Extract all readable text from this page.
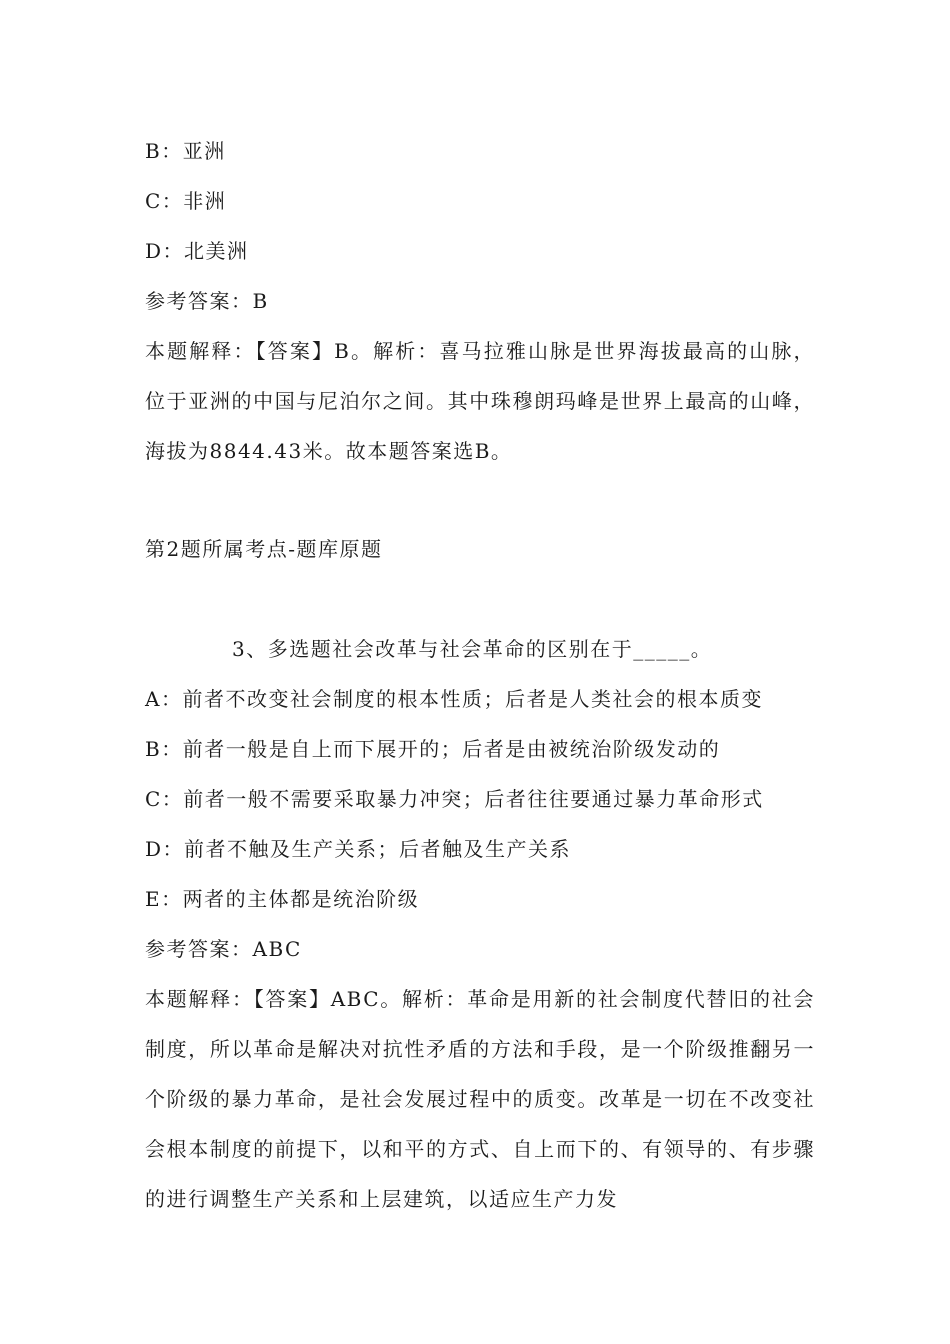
B：亚洲
C：非洲
D：北美洲
参考答案：B
本题解释：【答案】B。解析：喜马拉雅山脉是世界海拔最高的山脉，位于亚洲的中国与尼泊尔之间。其中珠穆朗玛峰是世界上最高的山峰，海拔为8844.43米。故本题答案选B。
第2题所属考点-题库原题
3、多选题社会改革与社会革命的区别在于_____。
A：前者不改变社会制度的根本性质；后者是人类社会的根本质变
B：前者一般是自上而下展开的；后者是由被统治阶级发动的
C：前者一般不需要采取暴力冲突；后者往往要通过暴力革命形式
D：前者不触及生产关系；后者触及生产关系
E：两者的主体都是统治阶级
参考答案：ABC
本题解释：【答案】ABC。解析：革命是用新的社会制度代替旧的社会制度，所以革命是解决对抗性矛盾的方法和手段，是一个阶级推翻另一个阶级的暴力革命，是社会发展过程中的质变。改革是一切在不改变社会根本制度的前提下，以和平的方式、自上而下的、有领导的、有步骤的进行调整生产关系和上层建筑，以适应生产力发
